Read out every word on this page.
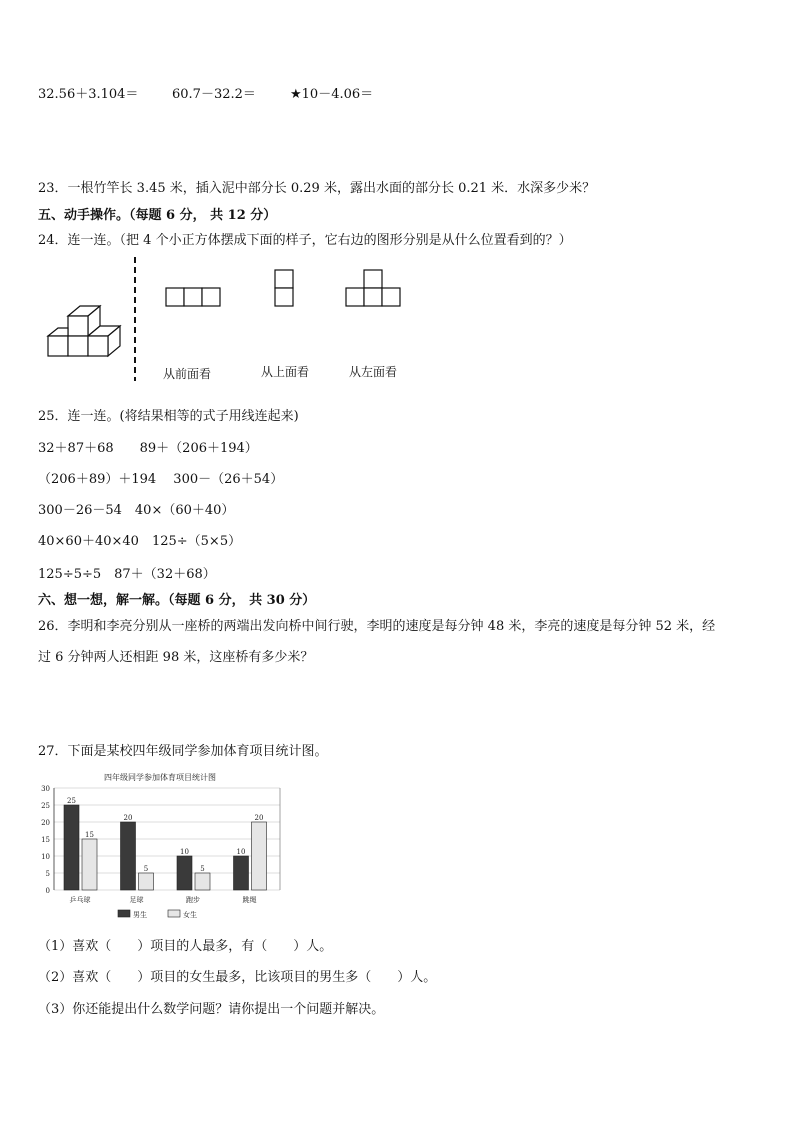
32.56＋3.104＝	60.7－32.2＝	★10－4.06＝
23．一根竹竿长 3.45 米，插入泥中部分长 0.29 米，露出水面的部分长 0.21 米．水深多少米？
五、动手操作。（每题 6 分， 共 12 分）
24．连一连。（把 4 个小正方体摆成下面的样子，它右边的图形分别是从什么位置看到的？）
从前面看	从上面看	从左面看
25．连一连。(将结果相等的式子用线连起来)
32＋87＋68　　89＋（206＋194）
（206＋89）＋194　 300－（26＋54）
300－26－54　40×（60＋40）
40×60＋40×40　125÷（5×5）
125÷5÷5　87＋（32＋68）
六、想一想，解一解。（每题 6 分， 共 30 分）
26．李明和李亮分别从一座桥的两端出发向桥中间行驶，李明的速度是每分钟 48 米，李亮的速度是每分钟 52 米，经
过 6 分钟两人还相距 98 米，这座桥有多少米？
27．下面是某校四年级同学参加体育项目统计图。
四年级同学参加体育项目统计图
0
5
10
15
20
25
30
25
15
乒乓球
20
5
足球
10
5
跑步
10
20
跳绳
男生	女生
（1）喜欢（　　）项目的人最多，有（　　）人。
（2）喜欢（　　）项目的女生最多，比该项目的男生多（　　）人。
（3）你还能提出什么数学问题？请你提出一个问题并解决。
